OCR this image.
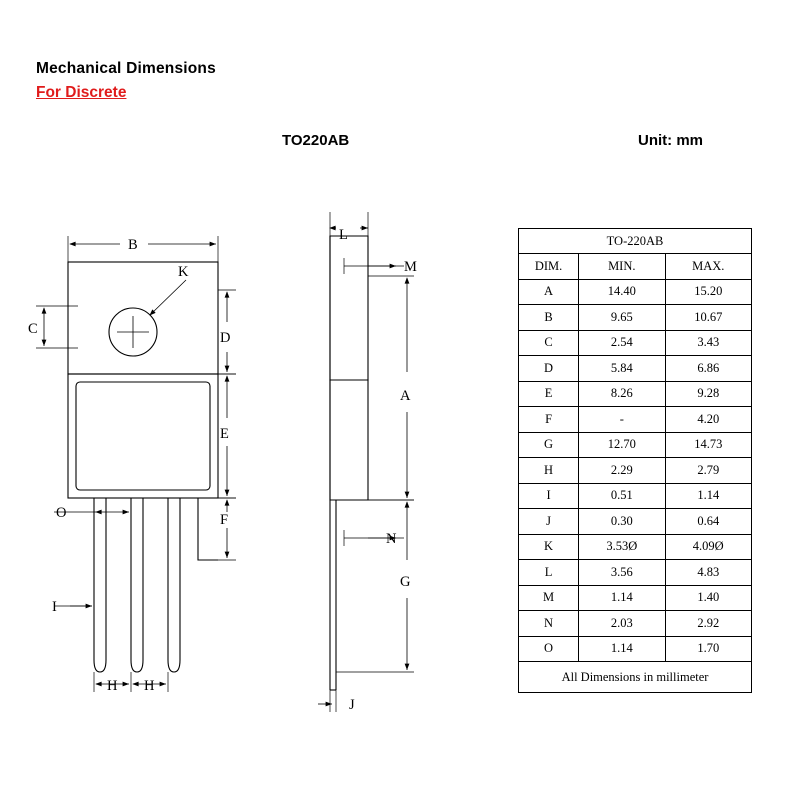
Mechanical Dimensions
For Discrete
TO220AB	Unit: mm
B
K
C
D
E
F
O
I
H H
L
M
A
N
G
J
TO-220AB		
DIM.	MIN.	MAX.
A	14.40	15.20
B	9.65	10.67
C	2.54	3.43
D	5.84	6.86
E	8.26	9.28
F	-	4.20
G	12.70	14.73
H	2.29	2.79
I	0.51	1.14
J	0.30	0.64
K	3.53Ø	4.09Ø
L	3.56	4.83
M	1.14	1.40
N	2.03	2.92
O	1.14	1.70
All Dimensions in millimeter		
